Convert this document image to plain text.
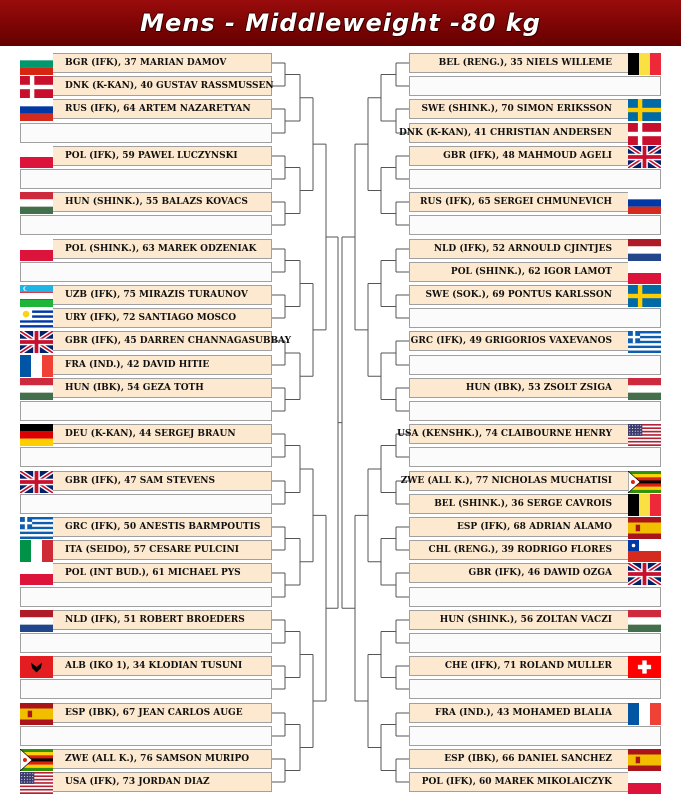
Mens - Middleweight -80 kg
BGR (IFK), 37 MARIAN DAMOV
DNK (K-KAN), 40 GUSTAV RASSMUSSEN
RUS (IFK), 64 ARTEM NAZARETYAN
POL (IFK), 59 PAWEL LUCZYNSKI
HUN (SHINK.), 55 BALAZS KOVACS
POL (SHINK.), 63 MAREK ODZENIAK
UZB (IFK), 75 MIRAZIS TURAUNOV
URY (IFK), 72 SANTIAGO MOSCO
GBR (IFK), 45 DARREN CHANNAGASUBBAY
FRA (IND.), 42 DAVID HITIE
HUN (IBK), 54 GEZA TOTH
DEU (K-KAN), 44 SERGEJ BRAUN
GBR (IFK), 47 SAM STEVENS
GRC (IFK), 50 ANESTIS BARMPOUTIS
ITA (SEIDO), 57 CESARE PULCINI
POL (INT BUD.), 61 MICHAEL PYS
NLD (IFK), 51 ROBERT BROEDERS
ALB (IKO 1), 34 KLODIAN TUSUNI
ESP (IBK), 67 JEAN CARLOS AUGE
ZWE (ALL K.), 76 SAMSON MURIPO
USA (IFK), 73 JORDAN DIAZ
BEL (RENG.), 35 NIELS WILLEME
SWE (SHINK.), 70 SIMON ERIKSSON
DNK (K-KAN), 41 CHRISTIAN ANDERSEN
GBR (IFK), 48 MAHMOUD AGELI
RUS (IFK), 65 SERGEI CHMUNEVICH
NLD (IFK), 52 ARNOULD CJINTJES
POL (SHINK.), 62 IGOR LAMOT
SWE (SOK.), 69 PONTUS KARLSSON
GRC (IFK), 49 GRIGORIOS VAXEVANOS
HUN (IBK), 53 ZSOLT ZSIGA
USA (KENSHK.), 74 CLAIBOURNE HENRY
ZWE (ALL K.), 77 NICHOLAS MUCHATISI
BEL (SHINK.), 36 SERGE CAVROIS
ESP (IFK), 68 ADRIAN ALAMO
CHL (RENG.), 39 RODRIGO FLORES
GBR (IFK), 46 DAWID OZGA
HUN (SHINK.), 56 ZOLTAN VACZI
CHE (IFK), 71 ROLAND MULLER
FRA (IND.), 43 MOHAMED BLALIA
ESP (IBK), 66 DANIEL SANCHEZ
POL (IFK), 60 MAREK MIKOLAICZYK
